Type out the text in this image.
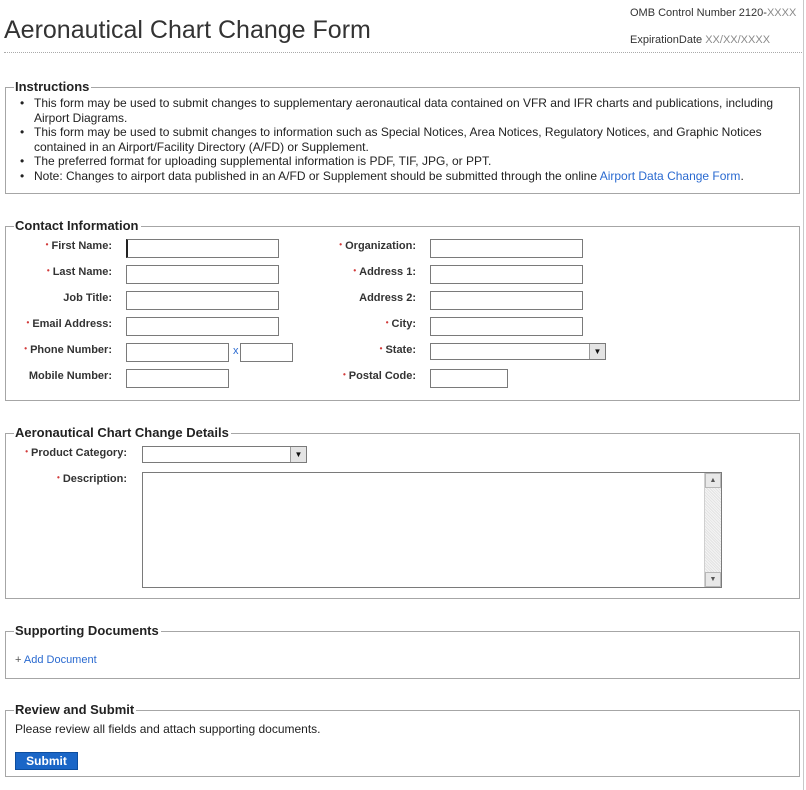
Aeronautical Chart Change Form
OMB Control Number 2120-XXXX
ExpirationDate XX/XX/XXXX
Instructions
• This form may be used to submit changes to supplementary aeronautical data contained on VFR and IFR charts and publications, including Airport Diagrams.
• This form may be used to submit changes to information such as Special Notices, Area Notices, Regulatory Notices, and Graphic Notices contained in an Airport/Facility Directory (A/FD) or Supplement.
• The preferred format for uploading supplemental information is PDF, TIF, JPG, or PPT.
• Note: Changes to airport data published in an A/FD or Supplement should be submitted through the online Airport Data Change Form.
Contact Information
• First Name:
• Last Name:
Job Title:
• Email Address:
• Phone Number:
Mobile Number:
x
• Organization:
• Address 1:
Address 2:
• City:
• State:
• Postal Code:
▼
Aeronautical Chart Change Details
• Product Category:	▼
• Description:	▲
▼
Supporting Documents
+ Add Document
Review and Submit
Please review all fields and attach supporting documents.
Submit
